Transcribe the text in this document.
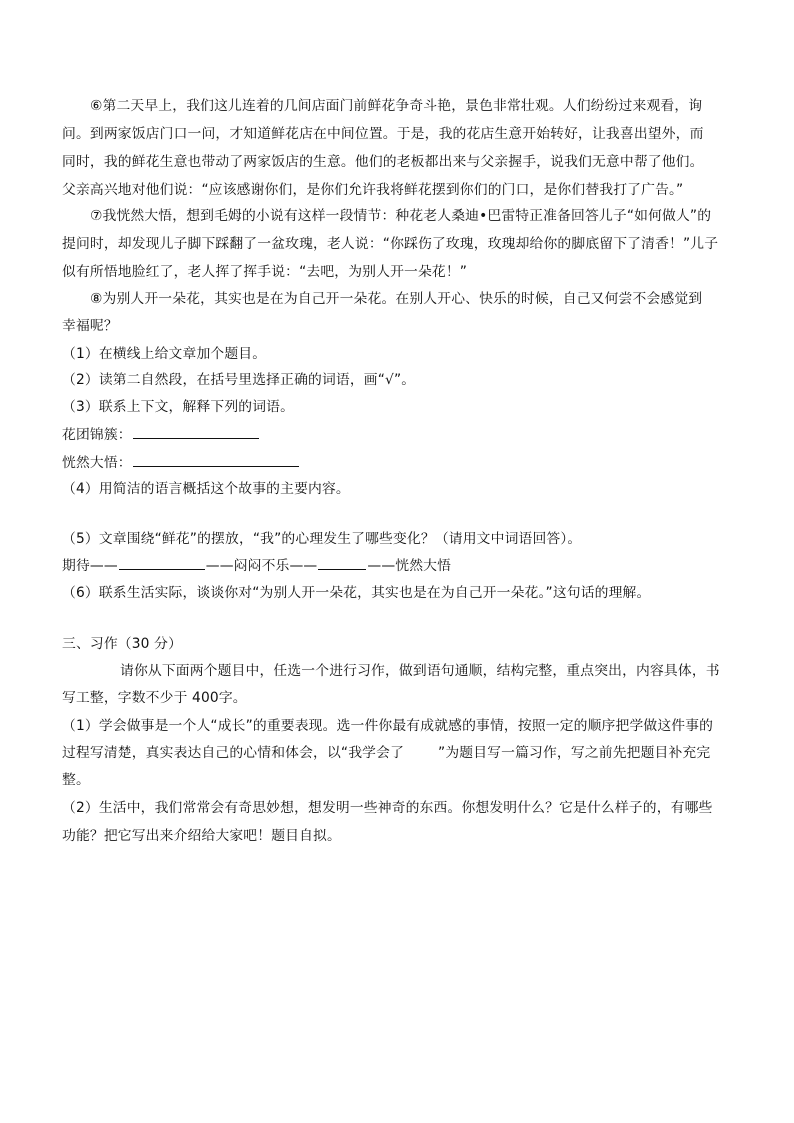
⑥第二天早上，我们这儿连着的几间店面门前鲜花争奇斗艳，景色非常壮观。人们纷纷过来观看，询
问。到两家饭店门口一问，才知道鲜花店在中间位置。于是，我的花店生意开始转好，让我喜出望外，而
同时，我的鲜花生意也带动了两家饭店的生意。他们的老板都出来与父亲握手，说我们无意中帮了他们。
父亲高兴地对他们说：“应该感谢你们，是你们允许我将鲜花摆到你们的门口，是你们替我打了广告。”
⑦我恍然大悟，想到毛姆的小说有这样一段情节：种花老人桑迪•巴雷特正准备回答儿子“如何做人”的
提问时，却发现儿子脚下踩翻了一盆玫瑰，老人说：“你踩伤了玫瑰，玫瑰却给你的脚底留下了清香！”儿子
似有所悟地脸红了，老人挥了挥手说：“去吧，为别人开一朵花！”
⑧为别人开一朵花，其实也是在为自己开一朵花。在别人开心、快乐的时候，自己又何尝不会感觉到
幸福呢？
（1）在横线上给文章加个题目。
（2）读第二自然段，在括号里选择正确的词语，画“√”。
（3）联系上下文，解释下列的词语。
花团锦簇：
恍然大悟：
（4）用简洁的语言概括这个故事的主要内容。
（5）文章围绕“鲜花”的摆放，“我”的心理发生了哪些变化？（请用文中词语回答）。
期待——	——闷闷不乐——	——恍然大悟
（6）联系生活实际，谈谈你对“为别人开一朵花，其实也是在为自己开一朵花。”这句话的理解。
三、习作（30 分）
请你从下面两个题目中，任选一个进行习作，做到语句通顺，结构完整，重点突出，内容具体，书
写工整，字数不少于 400字。
（1）学会做事是一个人“成长”的重要表现。选一件你最有成就感的事情，按照一定的顺序把学做这件事的
过程写清楚，真实表达自己的心情和体会，以“我学会了 ”为题目写一篇习作，写之前先把题目补充完
整。
（2）生活中，我们常常会有奇思妙想，想发明一些神奇的东西。你想发明什么？它是什么样子的，有哪些
功能？把它写出来介绍给大家吧！题目自拟。
